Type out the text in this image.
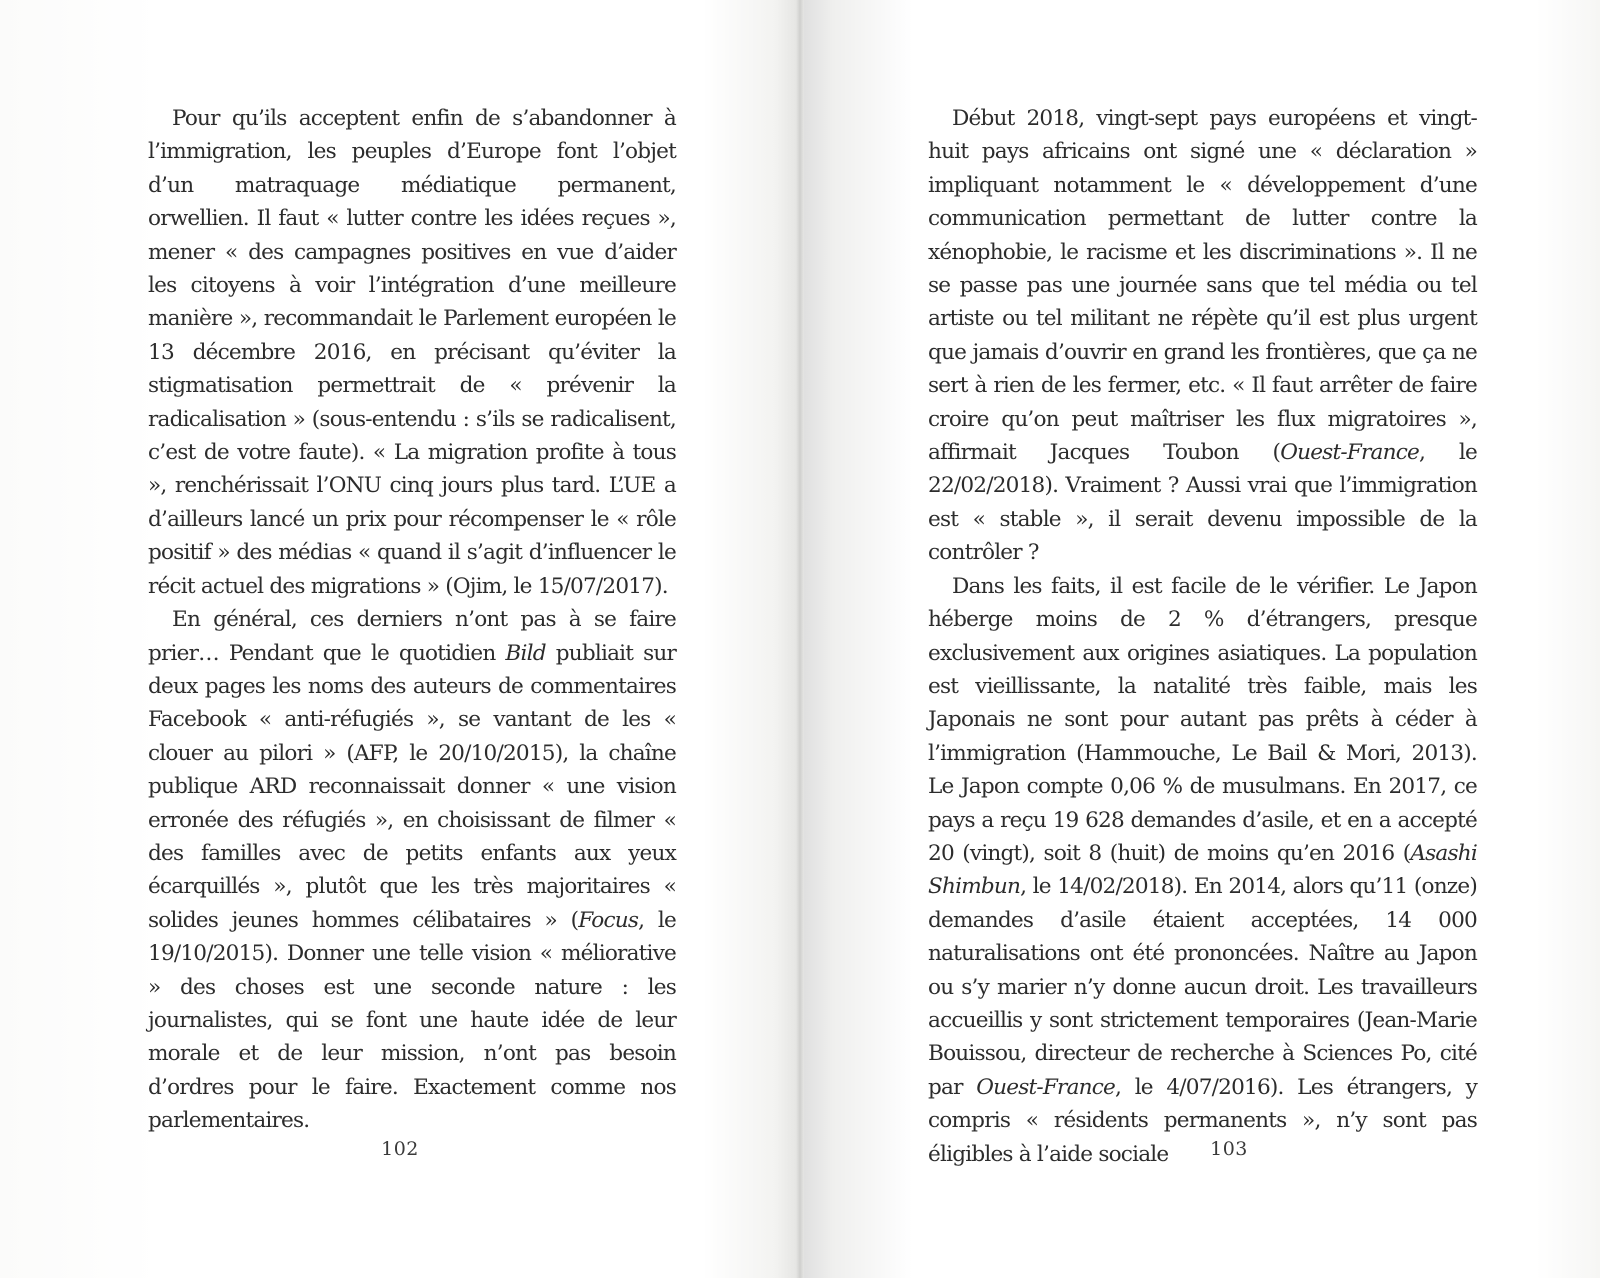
Pour qu’ils acceptent enfin de s’abandonner à l’immigration, les peuples d’Europe font l’objet d’un matraquage médiatique permanent, orwellien. Il faut « lutter contre les idées reçues », mener « des campagnes positives en vue d’aider les citoyens à voir l’intégration d’une meilleure manière », recommandait le Parlement européen le 13 décembre 2016, en précisant qu’éviter la stigmatisation permettrait de « prévenir la radicalisation » (sous-entendu : s’ils se radicalisent, c’est de votre faute). « La migration profite à tous », renchérissait l’ONU cinq jours plus tard. L’UE a d’ailleurs lancé un prix pour récompenser le « rôle positif » des médias « quand il s’agit d’influencer le récit actuel des migrations » (Ojim, le 15/07/2017).

En général, ces derniers n’ont pas à se faire prier… Pendant que le quotidien Bild publiait sur deux pages les noms des auteurs de commentaires Facebook « anti-réfugiés », se vantant de les « clouer au pilori » (AFP, le 20/10/2015), la chaîne publique ARD reconnaissait donner « une vision erronée des réfugiés », en choisissant de filmer « des familles avec de petits enfants aux yeux écarquillés », plutôt que les très majoritaires « solides jeunes hommes célibataires » (Focus, le 19/10/2015). Donner une telle vision « méliorative » des choses est une seconde nature : les journalistes, qui se font une haute idée de leur morale et de leur mission, n’ont pas besoin d’ordres pour le faire. Exactement comme nos parlementaires.

102

Début 2018, vingt-sept pays européens et vingt-huit pays africains ont signé une « déclaration » impliquant notamment le « développement d’une communication permettant de lutter contre la xénophobie, le racisme et les discriminations ». Il ne se passe pas une journée sans que tel média ou tel artiste ou tel militant ne répète qu’il est plus urgent que jamais d’ouvrir en grand les frontières, que ça ne sert à rien de les fermer, etc. « Il faut arrêter de faire croire qu’on peut maîtriser les flux migratoires », affirmait Jacques Toubon (Ouest-France, le 22/02/2018). Vraiment ? Aussi vrai que l’immigration est « stable », il serait devenu impossible de la contrôler ?

Dans les faits, il est facile de le vérifier. Le Japon héberge moins de 2 % d’étrangers, presque exclusivement aux origines asiatiques. La population est vieillissante, la natalité très faible, mais les Japonais ne sont pour autant pas prêts à céder à l’immigration (Hammouche, Le Bail & Mori, 2013). Le Japon compte 0,06 % de musulmans. En 2017, ce pays a reçu 19 628 demandes d’asile, et en a accepté 20 (vingt), soit 8 (huit) de moins qu’en 2016 (Asashi Shimbun, le 14/02/2018). En 2014, alors qu’11 (onze) demandes d’asile étaient acceptées, 14 000 naturalisations ont été prononcées. Naître au Japon ou s’y marier n’y donne aucun droit. Les travailleurs accueillis y sont strictement temporaires (Jean-Marie Bouissou, directeur de recherche à Sciences Po, cité par Ouest-France, le 4/07/2016). Les étrangers, y compris « résidents permanents », n’y sont pas éligibles à l’aide sociale	103
